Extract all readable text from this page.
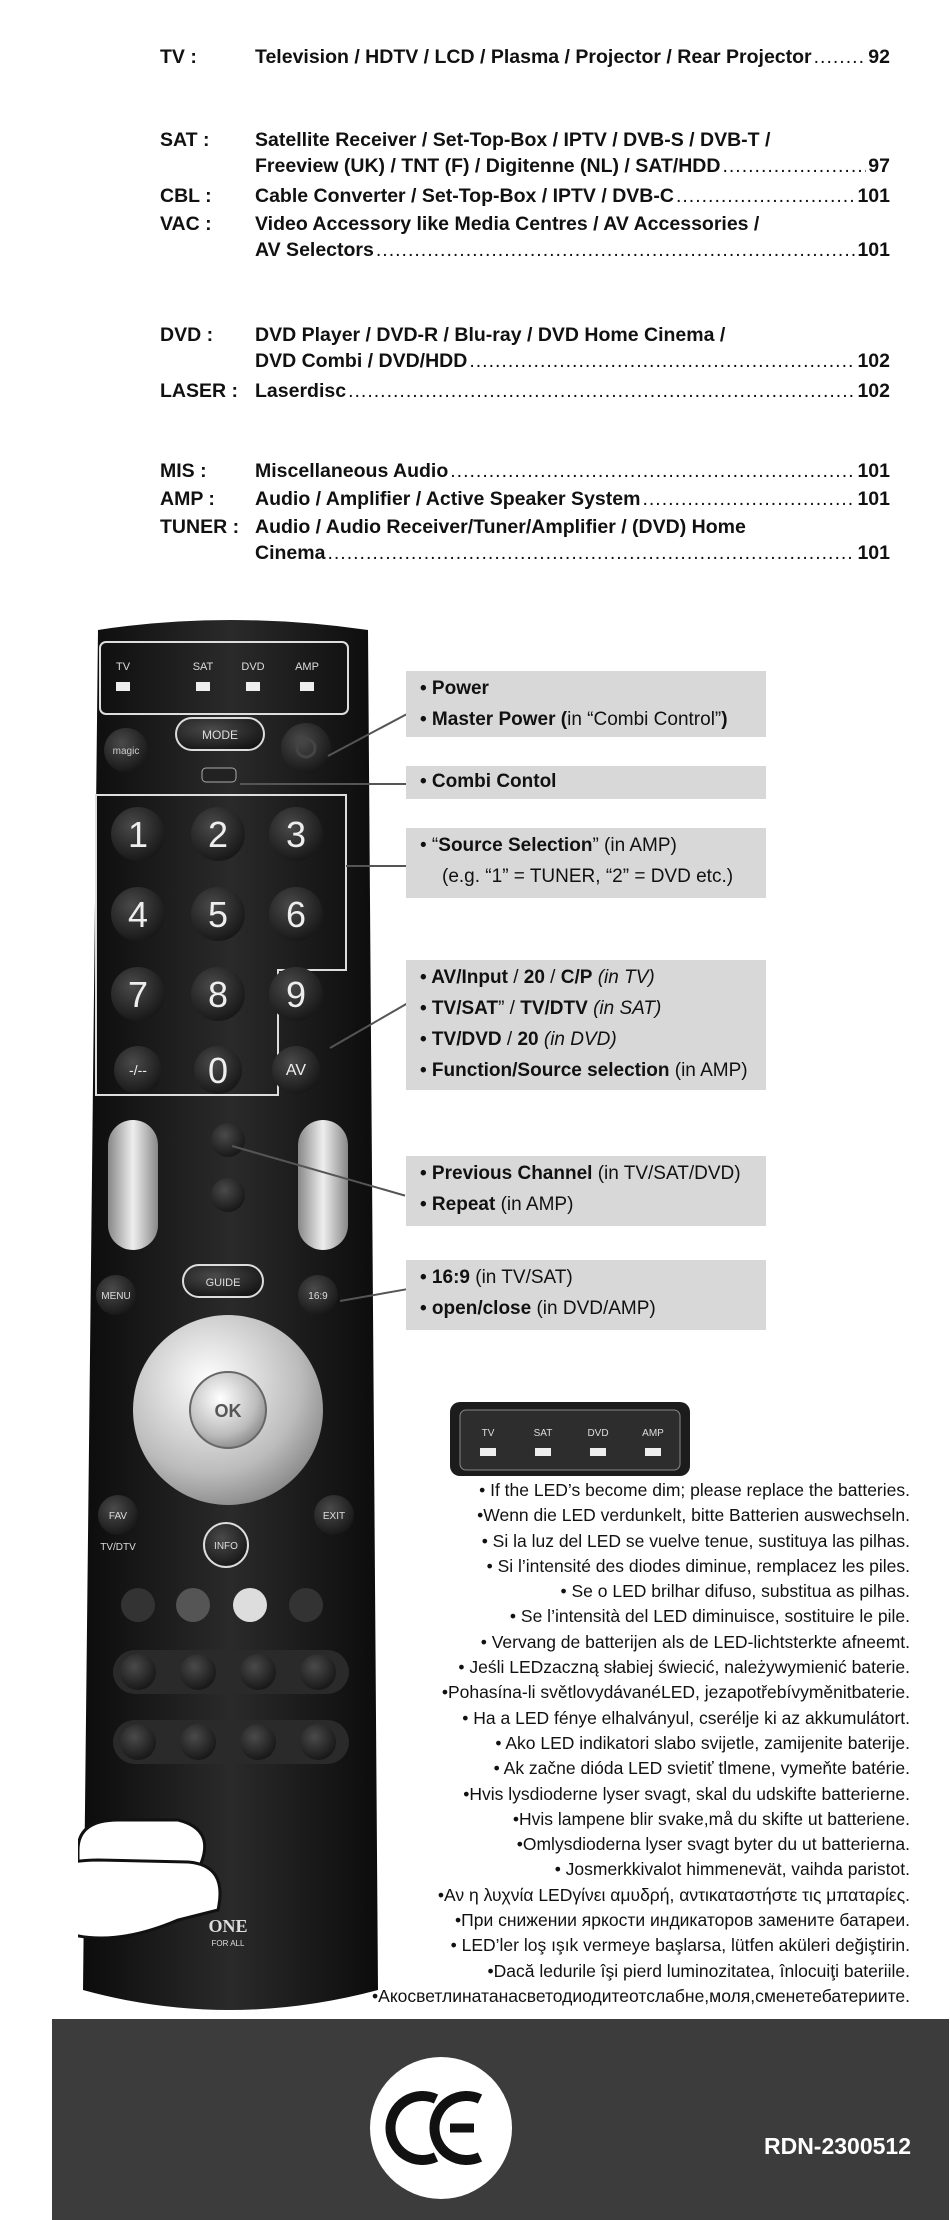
TV :	Television / HDTV / LCD / Plasma / Projector / Rear Projector .....	92
SAT :	Satellite Receiver / Set-Top-Box / IPTV / DVB-S / DVB-T /
Freeview (UK) / TNT (F) / Digitenne (NL) / SAT/HDD .....	97
CBL :	Cable Converter / Set-Top-Box / IPTV / DVB-C .....	101
VAC :	Video Accessory like Media Centres / AV Accessories /
AV Selectors .....	101
DVD :	DVD Player / DVD-R / Blu-ray / DVD Home Cinema /
DVD Combi / DVD/HDD .....	102
LASER : Laserdisc .....	102
MIS :	Miscellaneous Audio .....	101
AMP :	Audio / Amplifier / Active Speaker System .....	101
TUNER : Audio / Audio Receiver/Tuner/Amplifier / (DVD) Home
Cinema .....	101
TV	SAT	DVD	AMP
MODE
magic
1 2 3
4 5 6
7 8 9
-/-- 0	AV
GUIDE
MENU	16:9
OK
FAV
TV/DTV
EXIT
INFO
ONE
FOR ALL
• Power
• Master Power (in “Combi Control”)
• Combi Contol
• “Source Selection” (in AMP)
(e.g. “1” = TUNER, “2” = DVD etc.)
• AV/Input / 20 / C/P (in TV)
• TV/SAT” / TV/DTV (in SAT)
• TV/DVD / 20 (in DVD)
• Function/Source selection (in AMP)
• Previous Channel (in TV/SAT/DVD)
• Repeat (in AMP)
• 16:9 (in TV/SAT)
• open/close (in DVD/AMP)
TV	SAT	DVD	AMP
• If the LED’s become dim; please replace the batteries.
•Wenn die LED verdunkelt, bitte Batterien auswechseln.
• Si la luz del LED se vuelve tenue, sustituya las pilhas.
• Si l’intensité des diodes diminue, remplacez les piles.
• Se o LED brilhar difuso, substitua as pilhas.
• Se l’intensità del LED diminuisce, sostituire le pile.
• Vervang de batterijen als de LED-lichtsterkte afneemt.
• Jeśli LEDzaczną słabiej świecić, należywymienić baterie.
•Pohasína-li světlovydávanéLED, jezapotřebívyměnitbaterie.
• Ha a LED fénye elhalványul, cserélje ki az akkumulátort.
• Ako LED indikatori slabo svijetle, zamijenite baterije.
• Ak začne dióda LED svietiť tlmene, vymeňte batérie.
•Hvis lysdioderne lyser svagt, skal du udskifte batterierne.
•Hvis lampene blir svake,må du skifte ut batteriene.
•Omlysdioderna lyser svagt byter du ut batterierna.
• Josmerkkivalot himmenevät, vaihda paristot.
•Αν η λυχνία LEDγίνει αμυδρή, αντικαταστήστε τις μπαταρίες.
•При снижении яркости индикаторов замените батареи.
• LED’ler loş ışık vermeye başlarsa, lütfen aküleri değiştirin.
•Dacă ledurile îşi pierd luminozitatea, înlocuiţi bateriile.
•Акосветлинатанасветодиодитеотслабне,моля,сменетебатериите.
RDN-2300512
